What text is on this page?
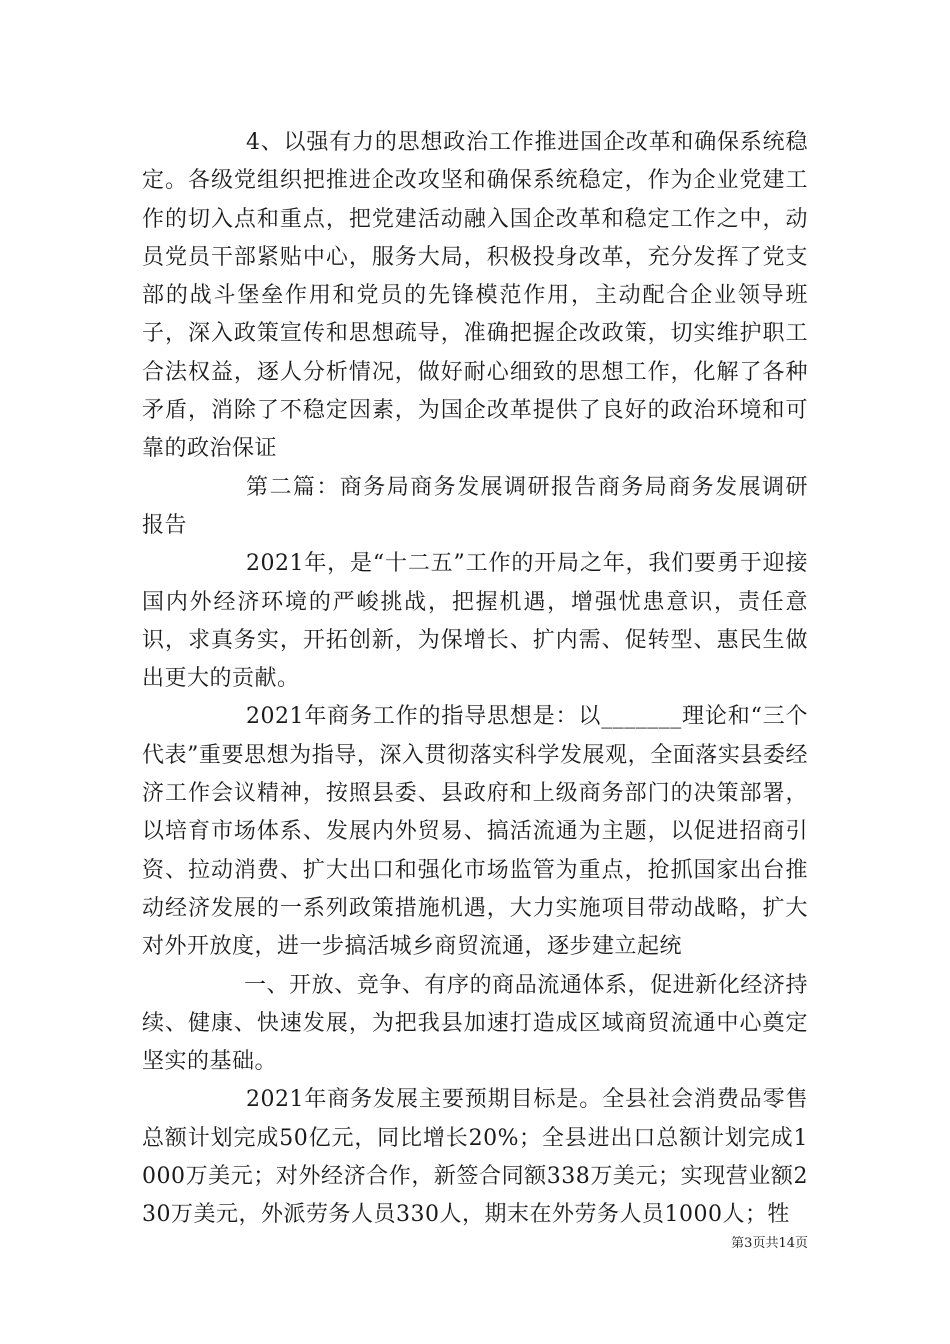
4、以强有力的思想政治工作推进国企改革和确保系统稳定。各级党组织把推进企改攻坚和确保系统稳定，作为企业党建工作的切入点和重点，把党建活动融入国企改革和稳定工作之中，动员党员干部紧贴中心，服务大局，积极投身改革，充分发挥了党支部的战斗堡垒作用和党员的先锋模范作用，主动配合企业领导班子，深入政策宣传和思想疏导，准确把握企改政策，切实维护职工合法权益，逐人分析情况，做好耐心细致的思想工作，化解了各种矛盾，消除了不稳定因素，为国企改革提供了良好的政治环境和可靠的政治保证

第二篇：商务局商务发展调研报告商务局商务发展调研报告

2021年，是“十二五”工作的开局之年，我们要勇于迎接国内外经济环境的严峻挑战，把握机遇，增强忧患意识，责任意识，求真务实，开拓创新，为保增长、扩内需、促转型、惠民生做出更大的贡献。

2021年商务工作的指导思想是：以_______理论和“三个代表”重要思想为指导，深入贯彻落实科学发展观，全面落实县委经济工作会议精神，按照县委、县政府和上级商务部门的决策部署，以培育市场体系、发展内外贸易、搞活流通为主题，以促进招商引资、拉动消费、扩大出口和强化市场监管为重点，抢抓国家出台推动经济发展的一系列政策措施机遇，大力实施项目带动战略，扩大对外开放度，进一步搞活城乡商贸流通，逐步建立起统

一、开放、竞争、有序的商品流通体系，促进新化经济持续、健康、快速发展，为把我县加速打造成区域商贸流通中心奠定坚实的基础。

2021年商务发展主要预期目标是。全县社会消费品零售总额计划完成50亿元，同比增长20%；全县进出口总额计划完成1000万美元；对外经济合作，新签合同额338万美元；实现营业额230万美元，外派劳务人员330人，期末在外劳务人员1000人；牲

第3页共14页
